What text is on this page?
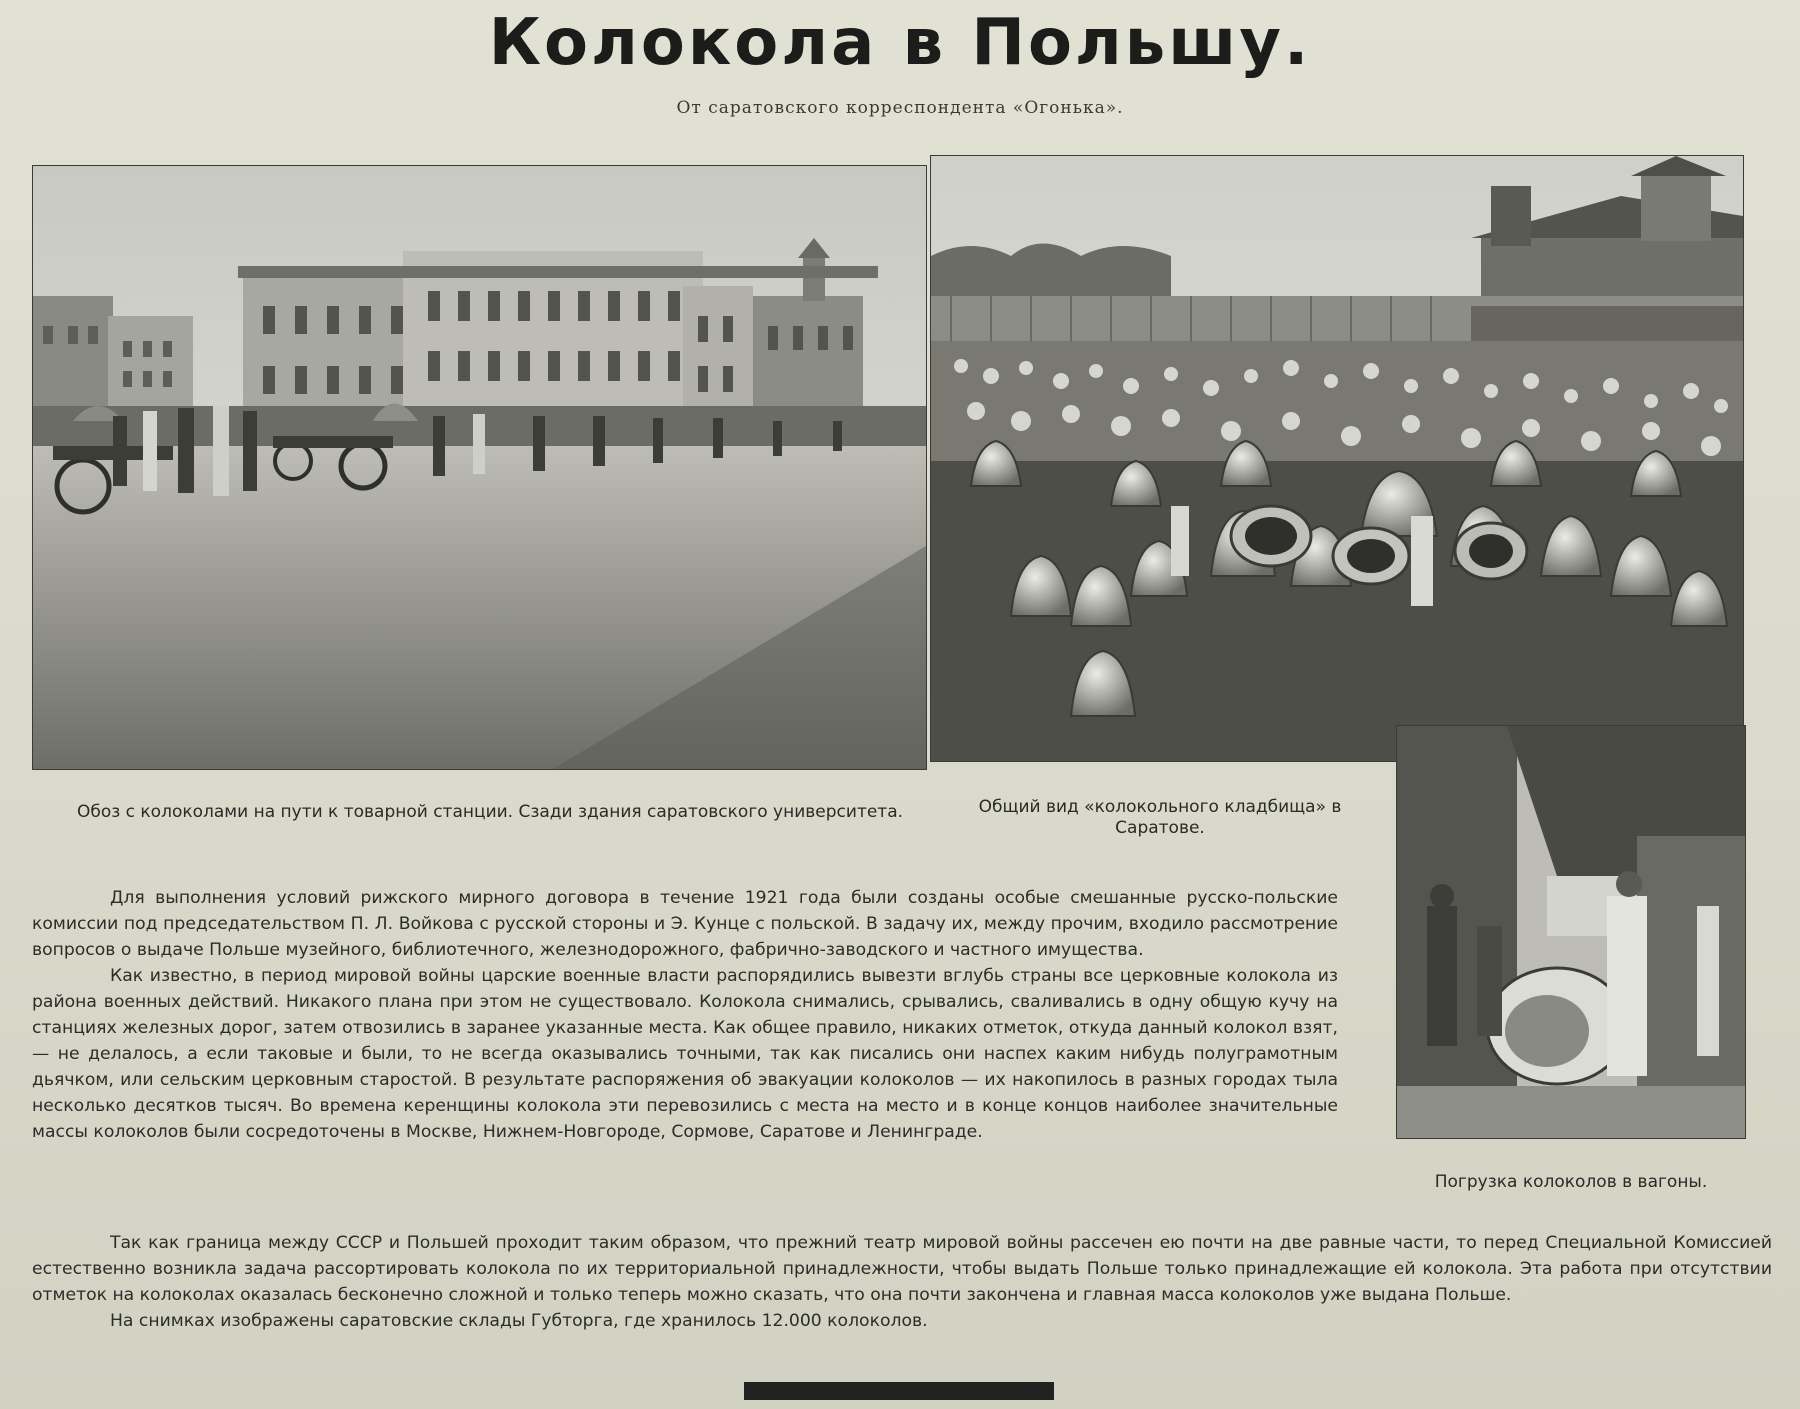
Колокола в Польшу.
От саратовского корреспондента «Огонька».
Обоз с колоколами на пути к товарной станции. Сзади здания саратовского университета.	Общий вид «колокольного кладбища» в Саратове.
Погрузка колоколов в вагоны.

Для выполнения условий рижского мирного договора в течение 1921 года были созданы особые смешанные русско-польские комиссии под председательством П. Л. Войкова с русской стороны и Э. Кунце с польской. В задачу их, между прочим, входило рассмотрение вопросов о выдаче Польше музейного, библиотечного, железнодорожного, фабрично-заводского и частного имущества.

Как известно, в период мировой войны царские военные власти распорядились вывезти вглубь страны все церковные колокола из района военных действий. Никакого плана при этом не существовало. Колокола снимались, срывались, сваливались в одну общую кучу на станциях железных дорог, затем отвозились в заранее указанные места. Как общее правило, никаких отметок, откуда данный колокол взят, — не делалось, а если таковые и были, то не всегда оказывались точными, так как писались они наспех каким нибудь полуграмотным дьячком, или сельским церковным старостой. В результате распоряжения об эвакуации колоколов — их накопилось в разных городах тыла несколько десятков тысяч. Во времена керенщины колокола эти перевозились с места на место и в конце концов наиболее значительные массы колоколов были сосредоточены в Москве, Нижнем-Новгороде, Сормове, Саратове и Ленинграде.

Так как граница между СССР и Польшей проходит таким образом, что прежний театр мировой войны рассечен ею почти на две равные части, то перед Специальной Комиссией естественно возникла задача рассортировать колокола по их территориальной принадлежности, чтобы выдать Польше только принадлежащие ей колокола. Эта работа при отсутствии отметок на колоколах оказалась бесконечно сложной и только теперь можно сказать, что она почти закончена и главная масса колоколов уже выдана Польше.

На снимках изображены саратовские склады Губторга, где хранилось 12.000 колоколов.
